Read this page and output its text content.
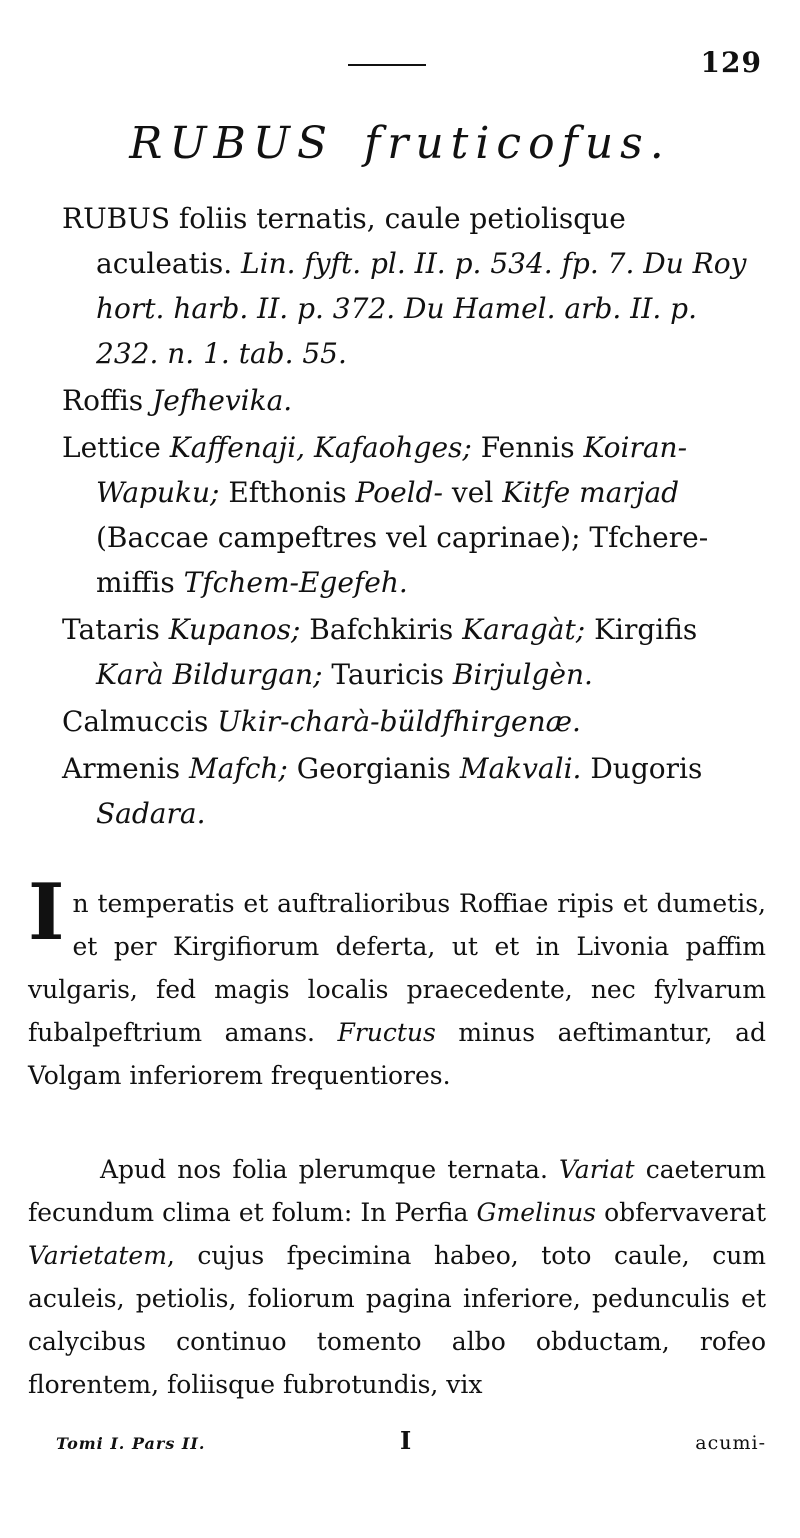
129
RUBUS fruticofus.

RUBUS foliis ternatis, caule petiolisque aculeatis. Lin. fyft. pl. II. p. 534. fp. 7. Du Roy hort. harb. II. p. 372. Du Hamel. arb. II. p. 232. n. 1. tab. 55.

Roffis Jefhevika.

Lettice Kaffenaji, Kafaohges; Fennis Koiran-Wapuku; Efthonis Poeld- vel Kitfe marjad (Baccae campeftres vel caprinae); Tfchere-miffis Tfchem-Egefeh.

Tataris Kupanos; Bafchkiris Karagàt; Kirgifis Karà Bildurgan; Tauricis Birjulgèn.

Calmuccis Ukir-charà-büldfhirgenæ.

Armenis Mafch; Georgianis Makvali. Dugoris Sadara.

In temperatis et auftralioribus Roffiae ripis et dumetis, et per Kirgifiorum deferta, ut et in Livonia paffim vulgaris, fed magis localis praecedente, nec fylvarum fubalpeftrium amans. Fructus minus aeftimantur, ad Volgam inferiorem frequentiores.
Apud nos folia plerumque ternata. Variat caeterum fecundum clima et folum: In Perfia Gmelinus obfervaverat Varietatem, cujus fpecimina habeo, toto caule, cum aculeis, petiolis, foliorum pagina inferiore, pedunculis et calycibus continuo tomento albo obductam, rofeo florentem, foliisque fubrotundis, vix
Tomi I. Pars II.	I	acumi-
